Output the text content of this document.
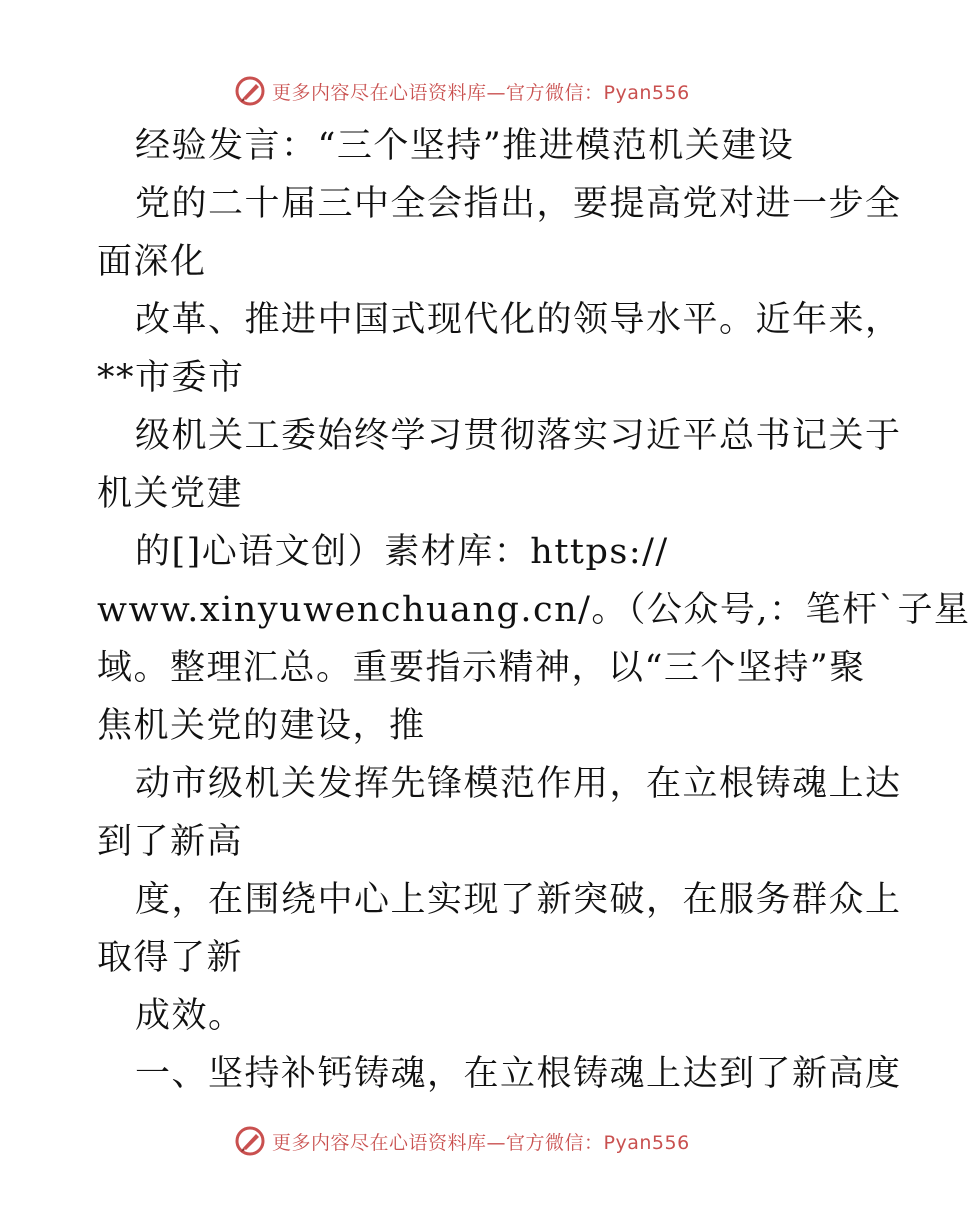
更多内容尽在心语资料库—官方微信：Pyan556
经验发言：“三个坚持”推进模范机关建设
党的二十届三中全会指出，要提高党对进一步全
面深化
改革、推进中国式现代化的领导水平。近年来，
**市委市
级机关工委始终学习贯彻落实习近平总书记关于
机关党建
的[]心语文创）素材库：https://
www.xinyuwenchuang.cn/。（公众号,：笔杆`子星
域。整理汇总。重要指示精神，以“三个坚持”聚
焦机关党的建设，推
动市级机关发挥先锋模范作用，在立根铸魂上达
到了新高
度，在围绕中心上实现了新突破，在服务群众上
取得了新
成效。
一、坚持补钙铸魂，在立根铸魂上达到了新高度
更多内容尽在心语资料库—官方微信：Pyan556
